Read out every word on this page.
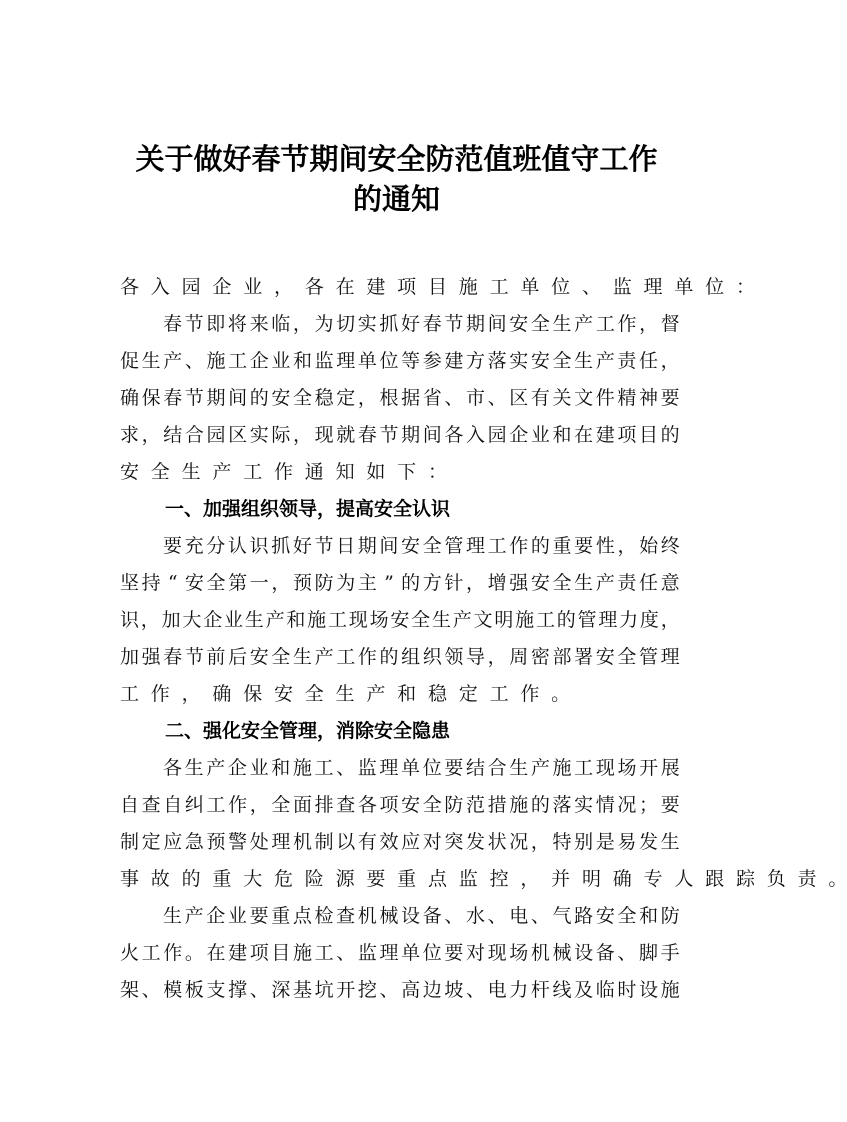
关于做好春节期间安全防范值班值守工作
的通知
各 入 园 企 业 ， 各 在 建 项 目 施 工 单 位 、 监 理 单 位 ：
春 节 即 将 来 临 ， 为 切 实 抓 好 春 节 期 间 安 全 生 产 工 作 ， 督
促 生 产 、 施 工 企 业 和 监 理 单 位 等 参 建 方 落 实 安 全 生 产 责 任 ，
确 保 春 节 期 间 的 安 全 稳 定 ， 根 据 省 、 市 、 区 有 关 文 件 精 神 要
求 ， 结 合 园 区 实 际 ， 现 就 春 节 期 间 各 入 园 企 业 和 在 建 项 目 的
安 全 生 产 工 作 通 知 如 下 ：
要 充 分 认 识 抓 好 节 日 期 间 安 全 管 理 工 作 的 重 要 性 ， 始 终
坚 持 “ 安 全 第 一 ， 预 防 为 主 ” 的 方 针 ， 增 强 安 全 生 产 责 任 意
识 ， 加 大 企 业 生 产 和 施 工 现 场 安 全 生 产 文 明 施 工 的 管 理 力 度 ，
加 强 春 节 前 后 安 全 生 产 工 作 的 组 织 领 导 ， 周 密 部 署 安 全 管 理
工 作 ， 确 保 安 全 生 产 和 稳 定 工 作 。
各 生 产 企 业 和 施 工 、 监 理 单 位 要 结 合 生 产 施 工 现 场 开 展
自 查 自 纠 工 作 ， 全 面 排 查 各 项 安 全 防 范 措 施 的 落 实 情 况 ； 要
制 定 应 急 预 警 处 理 机 制 以 有 效 应 对 突 发 状 况 ， 特 别 是 易 发 生
事 故 的 重 大 危 险 源 要 重 点 监 控 ， 并 明 确 专 人 跟 踪 负 责 。
生 产 企 业 要 重 点 检 查 机 械 设 备 、 水 、 电 、 气 路 安 全 和 防
火 工 作 。 在 建 项 目 施 工 、 监 理 单 位 要 对 现 场 机 械 设 备 、 脚 手
架 、 模 板 支 撑 、 深 基 坑 开 挖 、 高 边 坡 、 电 力 杆 线 及 临 时 设 施
一、加强组织领导，提高安全认识
二、强化安全管理，消除安全隐患
